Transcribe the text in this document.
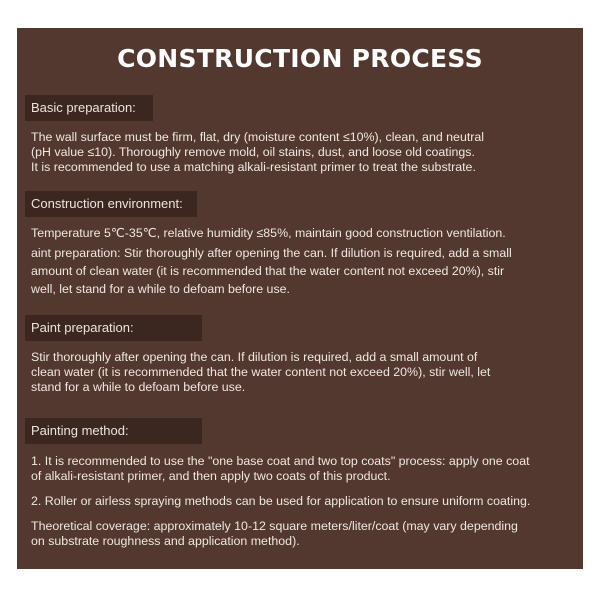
CONSTRUCTION PROCESS
Basic preparation:

The wall surface must be firm, flat, dry (moisture content ≤10%), clean, and neutral

(pH value ≤10). Thoroughly remove mold, oil stains, dust, and loose old coatings.

It is recommended to use a matching alkali-resistant primer to treat the substrate.

Construction environment:

Temperature 5℃-35℃, relative humidity ≤85%, maintain good construction ventilation.

aint preparation: Stir thoroughly after opening the can. If dilution is required, add a small

amount of clean water (it is recommended that the water content not exceed 20%), stir

well, let stand for a while to defoam before use.

Paint preparation:

Stir thoroughly after opening the can. If dilution is required, add a small amount of

clean water (it is recommended that the water content not exceed 20%), stir well, let

stand for a while to defoam before use.

Painting method:

1. It is recommended to use the "one base coat and two top coats" process: apply one coat

of alkali-resistant primer, and then apply two coats of this product.

2. Roller or airless spraying methods can be used for application to ensure uniform coating.

Theoretical coverage: approximately 10-12 square meters/liter/coat (may vary depending

on substrate roughness and application method).
